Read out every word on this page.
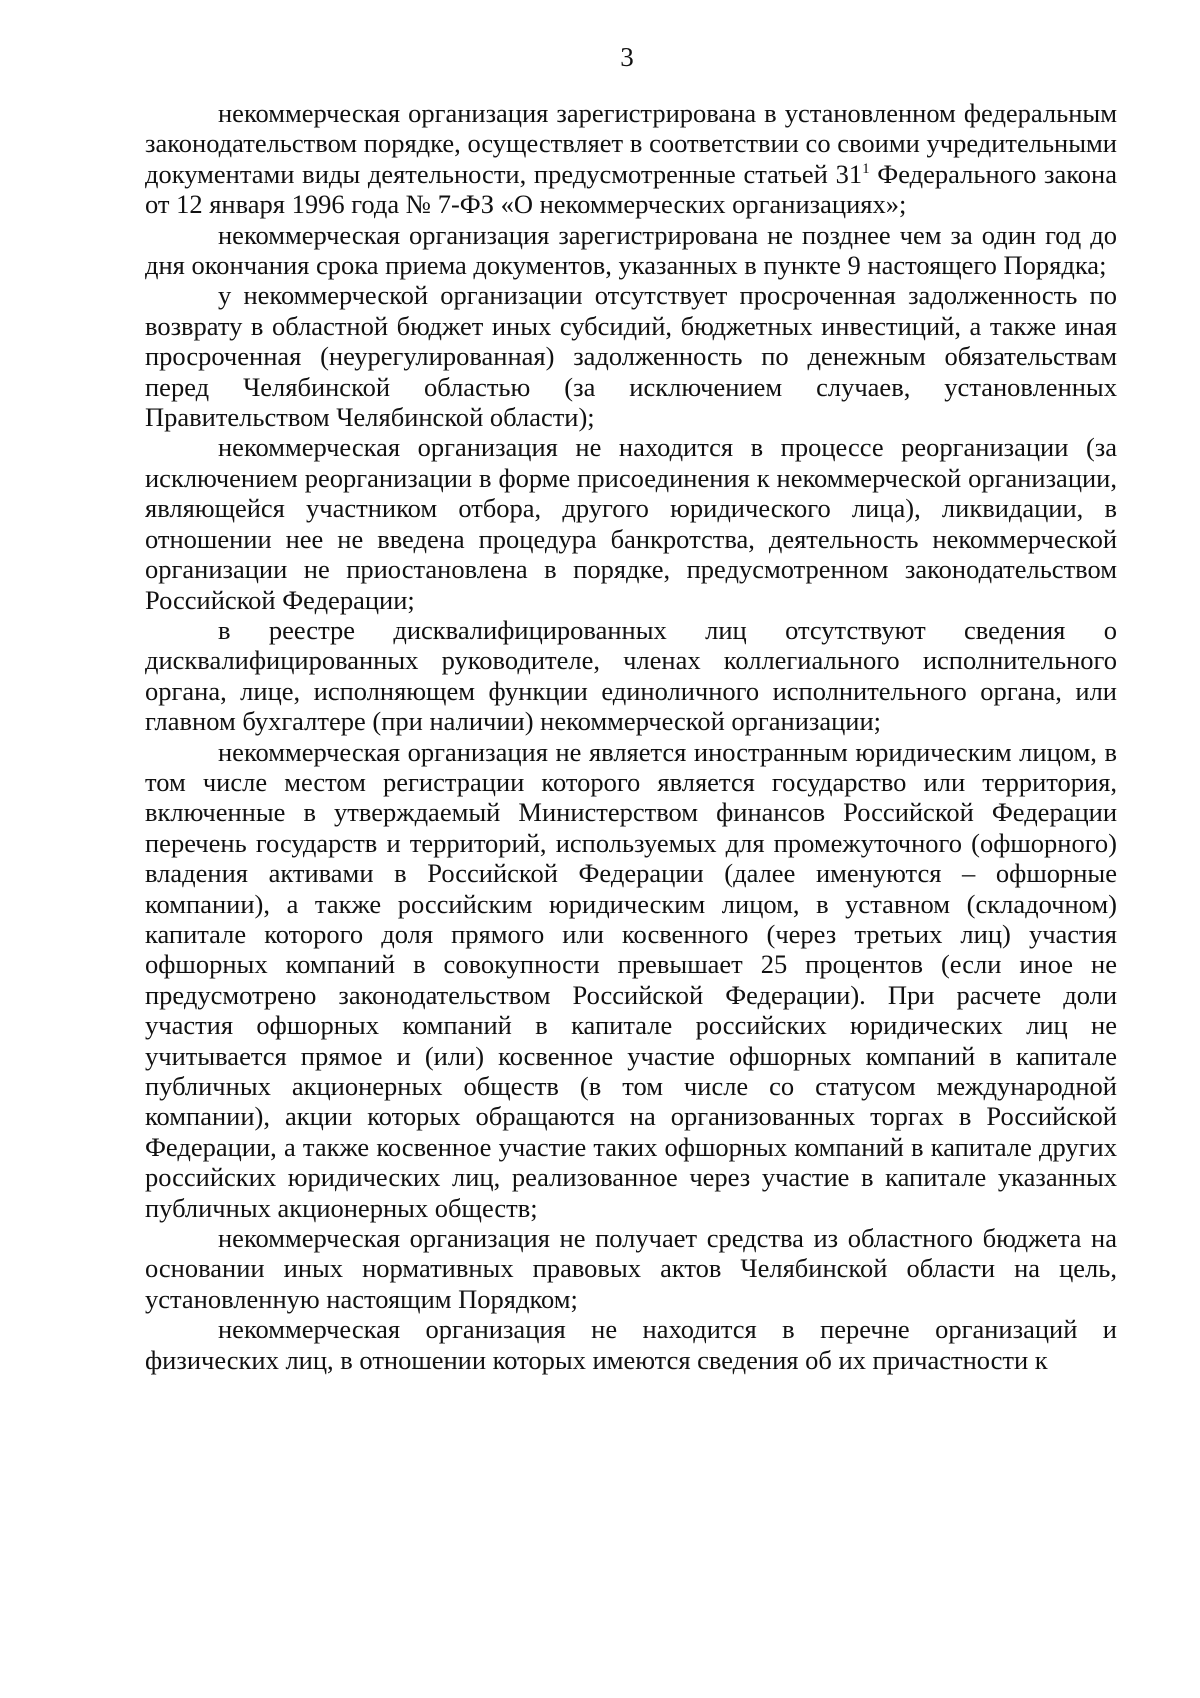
3

некоммерческая организация зарегистрирована в установленном федеральным законодательством порядке, осуществляет в соответствии со своими учредительными документами виды деятельности, предусмотренные статьей $31^1$ Федерального закона от 12 января 1996 года № 7-ФЗ «О некоммерческих организациях»;

некоммерческая организация зарегистрирована не позднее чем за один год до дня окончания срока приема документов, указанных в пункте 9 настоящего Порядка;

у некоммерческой организации отсутствует просроченная задолженность по возврату в областной бюджет иных субсидий, бюджетных инвестиций, а также иная просроченная (неурегулированная) задолженность по денежным обязательствам перед Челябинской областью (за исключением случаев, установленных Правительством Челябинской области);

некоммерческая организация не находится в процессе реорганизации (за исключением реорганизации в форме присоединения к некоммерческой организации, являющейся участником отбора, другого юридического лица), ликвидации, в отношении нее не введена процедура банкротства, деятельность некоммерческой организации не приостановлена в порядке, предусмотренном законодательством Российской Федерации;

в реестре дисквалифицированных лиц отсутствуют сведения о дисквалифицированных руководителе, членах коллегиального исполнительного органа, лице, исполняющем функции единоличного исполнительного органа, или главном бухгалтере (при наличии) некоммерческой организации;

некоммерческая организация не является иностранным юридическим лицом, в том числе местом регистрации которого является государство или территория, включенные в утверждаемый Министерством финансов Российской Федерации перечень государств и территорий, используемых для промежуточного (офшорного) владения активами в Российской Федерации (далее именуются – офшорные компании), а также российским юридическим лицом, в уставном (складочном) капитале которого доля прямого или косвенного (через третьих лиц) участия офшорных компаний в совокупности превышает 25 процентов (если иное не предусмотрено законодательством Российской Федерации). При расчете доли участия офшорных компаний в капитале российских юридических лиц не учитывается прямое и (или) косвенное участие офшорных компаний в капитале публичных акционерных обществ (в том числе со статусом международной компании), акции которых обращаются на организованных торгах в Российской Федерации, а также косвенное участие таких офшорных компаний в капитале других российских юридических лиц, реализованное через участие в капитале указанных публичных акционерных обществ;

некоммерческая организация не получает средства из областного бюджета на основании иных нормативных правовых актов Челябинской области на цель, установленную настоящим Порядком;

некоммерческая организация не находится в перечне организаций и физических лиц, в отношении которых имеются сведения об их причастности к
